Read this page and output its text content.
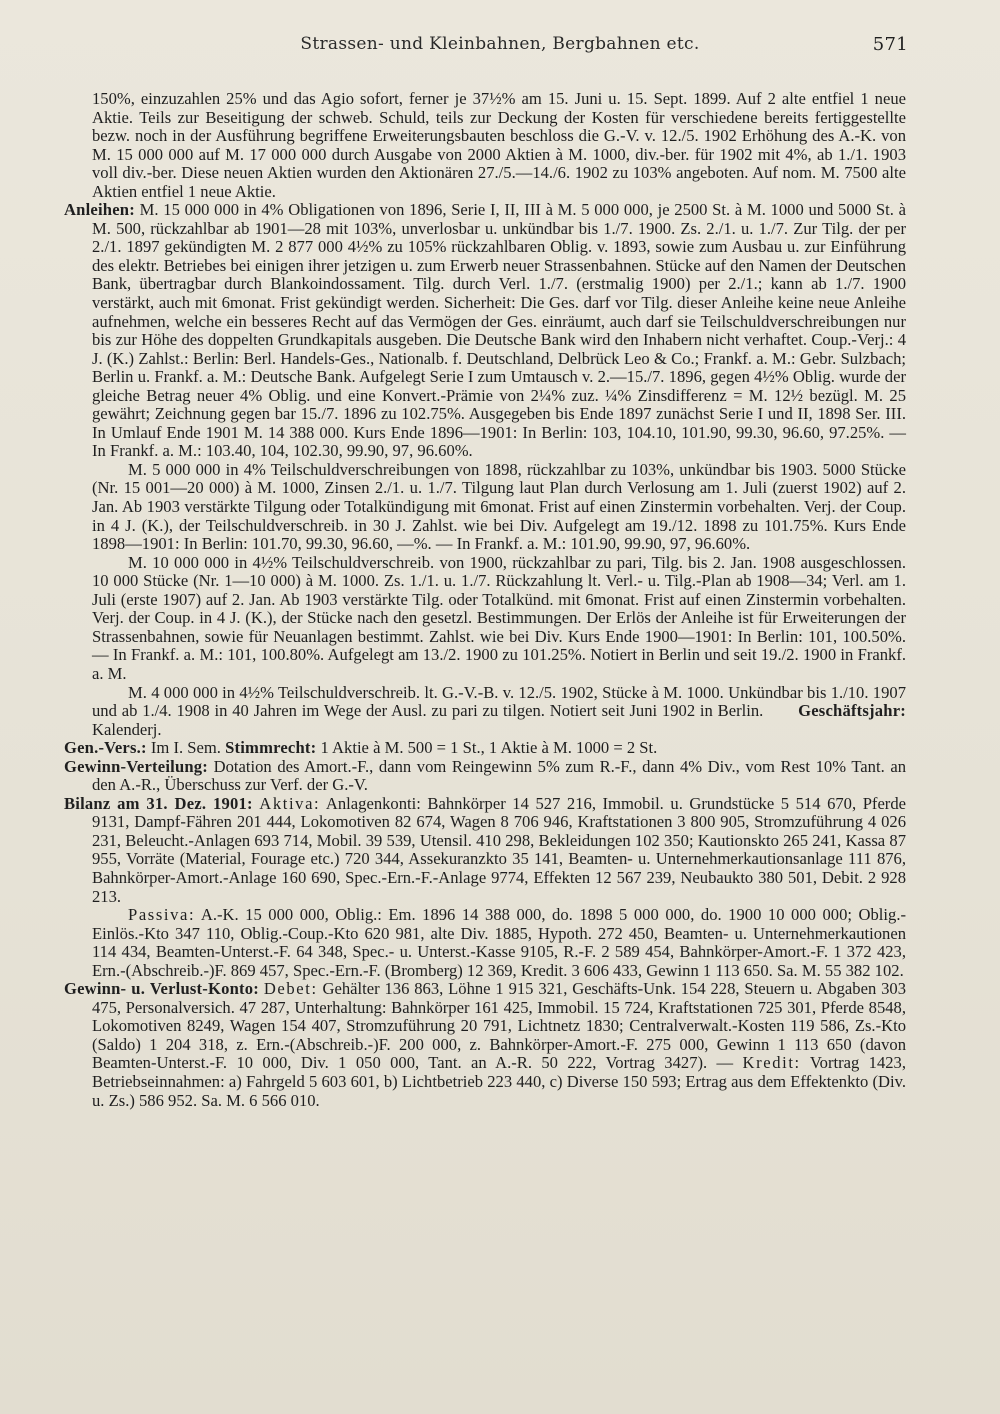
Strassen- und Kleinbahnen, Bergbahnen etc.	571

150%, einzuzahlen 25% und das Agio sofort, ferner je 37½% am 15. Juni u. 15. Sept. 1899. Auf 2 alte entfiel 1 neue Aktie. Teils zur Beseitigung der schweb. Schuld, teils zur Deckung der Kosten für verschiedene bereits fertiggestellte bezw. noch in der Ausführung begriffene Erweiterungsbauten beschloss die G.-V. v. 12./5. 1902 Erhöhung des A.-K. von M. 15 000 000 auf M. 17 000 000 durch Ausgabe von 2000 Aktien à M. 1000, div.-ber. für 1902 mit 4%, ab 1./1. 1903 voll div.-ber. Diese neuen Aktien wurden den Aktionären 27./5.—14./6. 1902 zu 103% angeboten. Auf nom. M. 7500 alte Aktien entfiel 1 neue Aktie.

Anleihen: M. 15 000 000 in 4% Obligationen von 1896, Serie I, II, III à M. 5 000 000, je 2500 St. à M. 1000 und 5000 St. à M. 500, rückzahlbar ab 1901—28 mit 103%, unverlosbar u. unkündbar bis 1./7. 1900. Zs. 2./1. u. 1./7. Zur Tilg. der per 2./1. 1897 gekündigten M. 2 877 000 4½% zu 105% rückzahlbaren Oblig. v. 1893, sowie zum Ausbau u. zur Einführung des elektr. Betriebes bei einigen ihrer jetzigen u. zum Erwerb neuer Strassenbahnen. Stücke auf den Namen der Deutschen Bank, übertragbar durch Blankoindossament. Tilg. durch Verl. 1./7. (erstmalig 1900) per 2./1.; kann ab 1./7. 1900 verstärkt, auch mit 6monat. Frist gekündigt werden. Sicherheit: Die Ges. darf vor Tilg. dieser Anleihe keine neue Anleihe aufnehmen, welche ein besseres Recht auf das Vermögen der Ges. einräumt, auch darf sie Teilschuldverschreibungen nur bis zur Höhe des doppelten Grundkapitals ausgeben. Die Deutsche Bank wird den Inhabern nicht verhaftet. Coup.-Verj.: 4 J. (K.) Zahlst.: Berlin: Berl. Handels-Ges., Nationalb. f. Deutschland, Delbrück Leo & Co.; Frankf. a. M.: Gebr. Sulzbach; Berlin u. Frankf. a. M.: Deutsche Bank. Aufgelegt Serie I zum Umtausch v. 2.—15./7. 1896, gegen 4½% Oblig. wurde der gleiche Betrag neuer 4% Oblig. und eine Konvert.-Prämie von 2¼% zuz. ¼% Zinsdifferenz = M. 12½ bezügl. M. 25 gewährt; Zeichnung gegen bar 15./7. 1896 zu 102.75%. Ausgegeben bis Ende 1897 zunächst Serie I und II, 1898 Ser. III. In Umlauf Ende 1901 M. 14 388 000. Kurs Ende 1896—1901: In Berlin: 103, 104.10, 101.90, 99.30, 96.60, 97.25%. — In Frankf. a. M.: 103.40, 104, 102.30, 99.90, 97, 96.60%.

M. 5 000 000 in 4% Teilschuldverschreibungen von 1898, rückzahlbar zu 103%, unkündbar bis 1903. 5000 Stücke (Nr. 15 001—20 000) à M. 1000, Zinsen 2./1. u. 1./7. Tilgung laut Plan durch Verlosung am 1. Juli (zuerst 1902) auf 2. Jan. Ab 1903 verstärkte Tilgung oder Totalkündigung mit 6monat. Frist auf einen Zinstermin vorbehalten. Verj. der Coup. in 4 J. (K.), der Teilschuldverschreib. in 30 J. Zahlst. wie bei Div. Aufgelegt am 19./12. 1898 zu 101.75%. Kurs Ende 1898—1901: In Berlin: 101.70, 99.30, 96.60, —%. — In Frankf. a. M.: 101.90, 99.90, 97, 96.60%.

M. 10 000 000 in 4½% Teilschuldverschreib. von 1900, rückzahlbar zu pari, Tilg. bis 2. Jan. 1908 ausgeschlossen. 10 000 Stücke (Nr. 1—10 000) à M. 1000. Zs. 1./1. u. 1./7. Rückzahlung lt. Verl.- u. Tilg.-Plan ab 1908—34; Verl. am 1. Juli (erste 1907) auf 2. Jan. Ab 1903 verstärkte Tilg. oder Totalkünd. mit 6monat. Frist auf einen Zinstermin vorbehalten. Verj. der Coup. in 4 J. (K.), der Stücke nach den gesetzl. Bestimmungen. Der Erlös der Anleihe ist für Erweiterungen der Strassenbahnen, sowie für Neuanlagen bestimmt. Zahlst. wie bei Div. Kurs Ende 1900—1901: In Berlin: 101, 100.50%. — In Frankf. a. M.: 101, 100.80%. Aufgelegt am 13./2. 1900 zu 101.25%. Notiert in Berlin und seit 19./2. 1900 in Frankf. a. M.

M. 4 000 000 in 4½% Teilschuldverschreib. lt. G.-V.-B. v. 12./5. 1902, Stücke à M. 1000. Unkündbar bis 1./10. 1907 und ab 1./4. 1908 in 40 Jahren im Wege der Ausl. zu pari zu tilgen. Notiert seit Juni 1902 in Berlin. Geschäftsjahr: Kalenderj.

Gen.-Vers.: Im I. Sem. Stimmrecht: 1 Aktie à M. 500 = 1 St., 1 Aktie à M. 1000 = 2 St.

Gewinn-Verteilung: Dotation des Amort.-F., dann vom Reingewinn 5% zum R.-F., dann 4% Div., vom Rest 10% Tant. an den A.-R., Überschuss zur Verf. der G.-V.

Bilanz am 31. Dez. 1901: Aktiva: Anlagenkonti: Bahnkörper 14 527 216, Immobil. u. Grundstücke 5 514 670, Pferde 9131, Dampf-Fähren 201 444, Lokomotiven 82 674, Wagen 8 706 946, Kraftstationen 3 800 905, Stromzuführung 4 026 231, Beleucht.-Anlagen 693 714, Mobil. 39 539, Utensil. 410 298, Bekleidungen 102 350; Kautionskto 265 241, Kassa 87 955, Vorräte (Material, Fourage etc.) 720 344, Assekuranzkto 35 141, Beamten- u. Unternehmerkautionsanlage 111 876, Bahnkörper-Amort.-Anlage 160 690, Spec.-Ern.-F.-Anlage 9774, Effekten 12 567 239, Neubaukto 380 501, Debit. 2 928 213.

Passiva: A.-K. 15 000 000, Oblig.: Em. 1896 14 388 000, do. 1898 5 000 000, do. 1900 10 000 000; Oblig.-Einlös.-Kto 347 110, Oblig.-Coup.-Kto 620 981, alte Div. 1885, Hypoth. 272 450, Beamten- u. Unternehmerkautionen 114 434, Beamten-Unterst.-F. 64 348, Spec.- u. Unterst.-Kasse 9105, R.-F. 2 589 454, Bahnkörper-Amort.-F. 1 372 423, Ern.-(Abschreib.-)F. 869 457, Spec.-Ern.-F. (Bromberg) 12 369, Kredit. 3 606 433, Gewinn 1 113 650. Sa. M. 55 382 102.

Gewinn- u. Verlust-Konto: Debet: Gehälter 136 863, Löhne 1 915 321, Geschäfts-Unk. 154 228, Steuern u. Abgaben 303 475, Personalversich. 47 287, Unterhaltung: Bahnkörper 161 425, Immobil. 15 724, Kraftstationen 725 301, Pferde 8548, Lokomotiven 8249, Wagen 154 407, Stromzuführung 20 791, Lichtnetz 1830; Centralverwalt.-Kosten 119 586, Zs.-Kto (Saldo) 1 204 318, z. Ern.-(Abschreib.-)F. 200 000, z. Bahnkörper-Amort.-F. 275 000, Gewinn 1 113 650 (davon Beamten-Unterst.-F. 10 000, Div. 1 050 000, Tant. an A.-R. 50 222, Vortrag 3427). — Kredit: Vortrag 1423, Betriebseinnahmen: a) Fahrgeld 5 603 601, b) Lichtbetrieb 223 440, c) Diverse 150 593; Ertrag aus dem Effektenkto (Div. u. Zs.) 586 952. Sa. M. 6 566 010.
